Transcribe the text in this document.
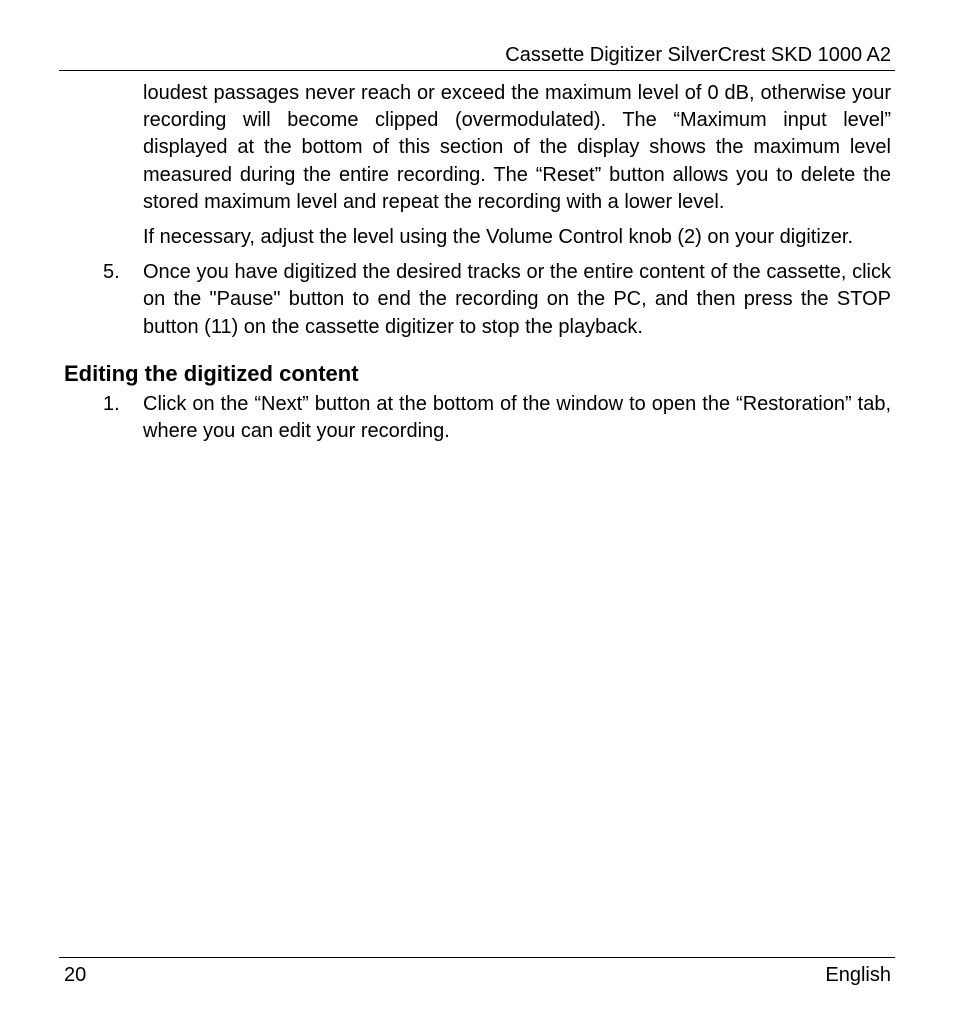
Cassette Digitizer SilverCrest SKD 1000 A2

loudest passages never reach or exceed the maximum level of 0 dB, otherwise your recording will become clipped (overmodulated). The “Maximum input level” displayed at the bottom of this section of the display shows the maximum level measured during the entire recording. The “Reset” button allows you to delete the stored maximum level and repeat the recording with a lower level.

If necessary, adjust the level using the Volume Control knob (2) on your digitizer.

5. Once you have digitized the desired tracks or the entire content of the cassette, click on the "Pause" button to end the recording on the PC, and then press the STOP button (11) on the cassette digitizer to stop the playback.
Editing the digitized content
1. Click on the “Next” button at the bottom of the window to open the “Restoration” tab, where you can edit your recording.
20	English
